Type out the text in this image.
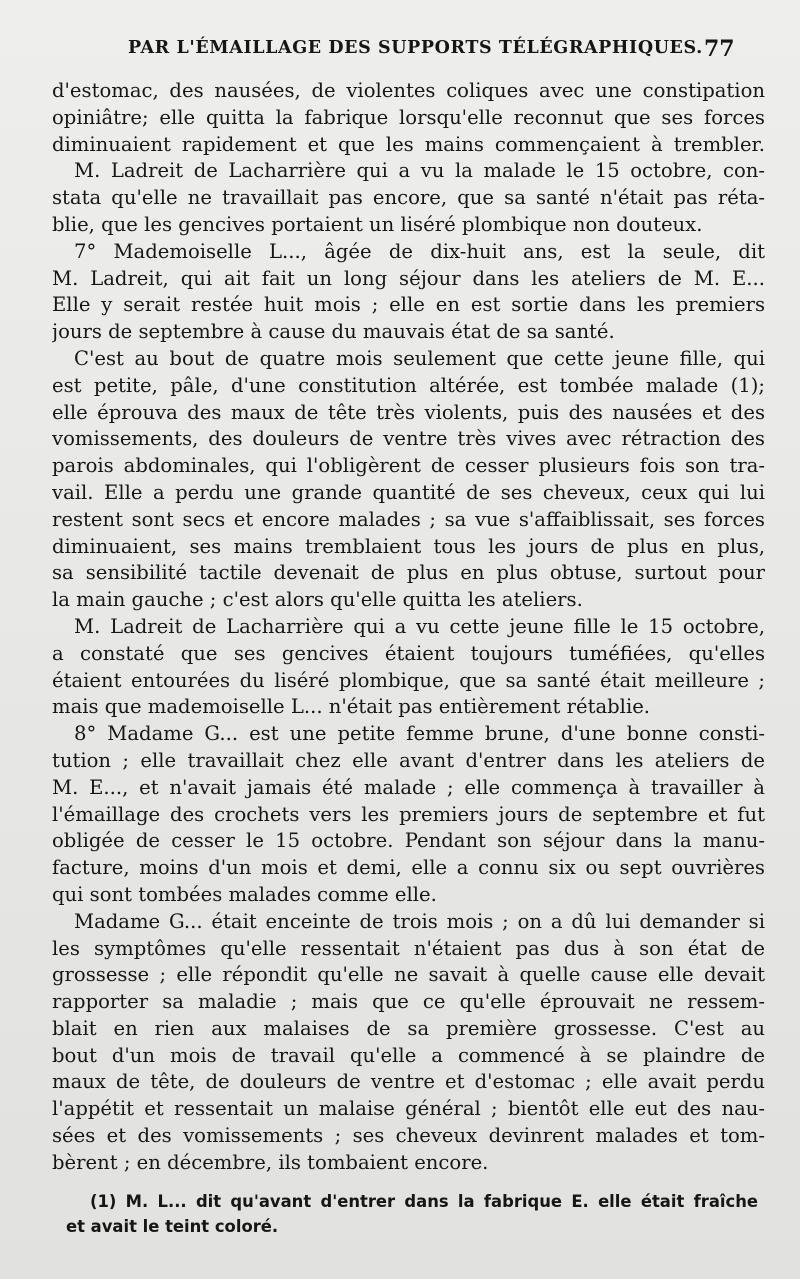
PAR L'ÉMAILLAGE DES SUPPORTS TÉLÉGRAPHIQUES. 77
d'estomac, des nausées, de violentes coliques avec une constipation
opiniâtre; elle quitta la fabrique lorsqu'elle reconnut que ses forces
diminuaient rapidement et que les mains commençaient à trembler.
M. Ladreit de Lacharrière qui a vu la malade le 15 octobre, con-
stata qu'elle ne travaillait pas encore, que sa santé n'était pas réta-
blie, que les gencives portaient un liséré plombique non douteux.
7° Mademoiselle L..., âgée de dix-huit ans, est la seule, dit
M. Ladreit, qui ait fait un long séjour dans les ateliers de M. E...
Elle y serait restée huit mois ; elle en est sortie dans les premiers
jours de septembre à cause du mauvais état de sa santé.
C'est au bout de quatre mois seulement que cette jeune fille, qui
est petite, pâle, d'une constitution altérée, est tombée malade (1);
elle éprouva des maux de tête très violents, puis des nausées et des
vomissements, des douleurs de ventre très vives avec rétraction des
parois abdominales, qui l'obligèrent de cesser plusieurs fois son tra-
vail. Elle a perdu une grande quantité de ses cheveux, ceux qui lui
restent sont secs et encore malades ; sa vue s'affaiblissait, ses forces
diminuaient, ses mains tremblaient tous les jours de plus en plus,
sa sensibilité tactile devenait de plus en plus obtuse, surtout pour
la main gauche ; c'est alors qu'elle quitta les ateliers.
M. Ladreit de Lacharrière qui a vu cette jeune fille le 15 octobre,
a constaté que ses gencives étaient toujours tuméfiées, qu'elles
étaient entourées du liséré plombique, que sa santé était meilleure ;
mais que mademoiselle L... n'était pas entièrement rétablie.
8° Madame G... est une petite femme brune, d'une bonne consti-
tution ; elle travaillait chez elle avant d'entrer dans les ateliers de
M. E..., et n'avait jamais été malade ; elle commença à travailler à
l'émaillage des crochets vers les premiers jours de septembre et fut
obligée de cesser le 15 octobre. Pendant son séjour dans la manu-
facture, moins d'un mois et demi, elle a connu six ou sept ouvrières
qui sont tombées malades comme elle.
Madame G... était enceinte de trois mois ; on a dû lui demander si
les symptômes qu'elle ressentait n'étaient pas dus à son état de
grossesse ; elle répondit qu'elle ne savait à quelle cause elle devait
rapporter sa maladie ; mais que ce qu'elle éprouvait ne ressem-
blait en rien aux malaises de sa première grossesse. C'est au
bout d'un mois de travail qu'elle a commencé à se plaindre de
maux de tête, de douleurs de ventre et d'estomac ; elle avait perdu
l'appétit et ressentait un malaise général ; bientôt elle eut des nau-
sées et des vomissements ; ses cheveux devinrent malades et tom-
bèrent ; en décembre, ils tombaient encore.
(1) M. L... dit qu'avant d'entrer dans la fabrique E. elle était fraîche
et avait le teint coloré.
